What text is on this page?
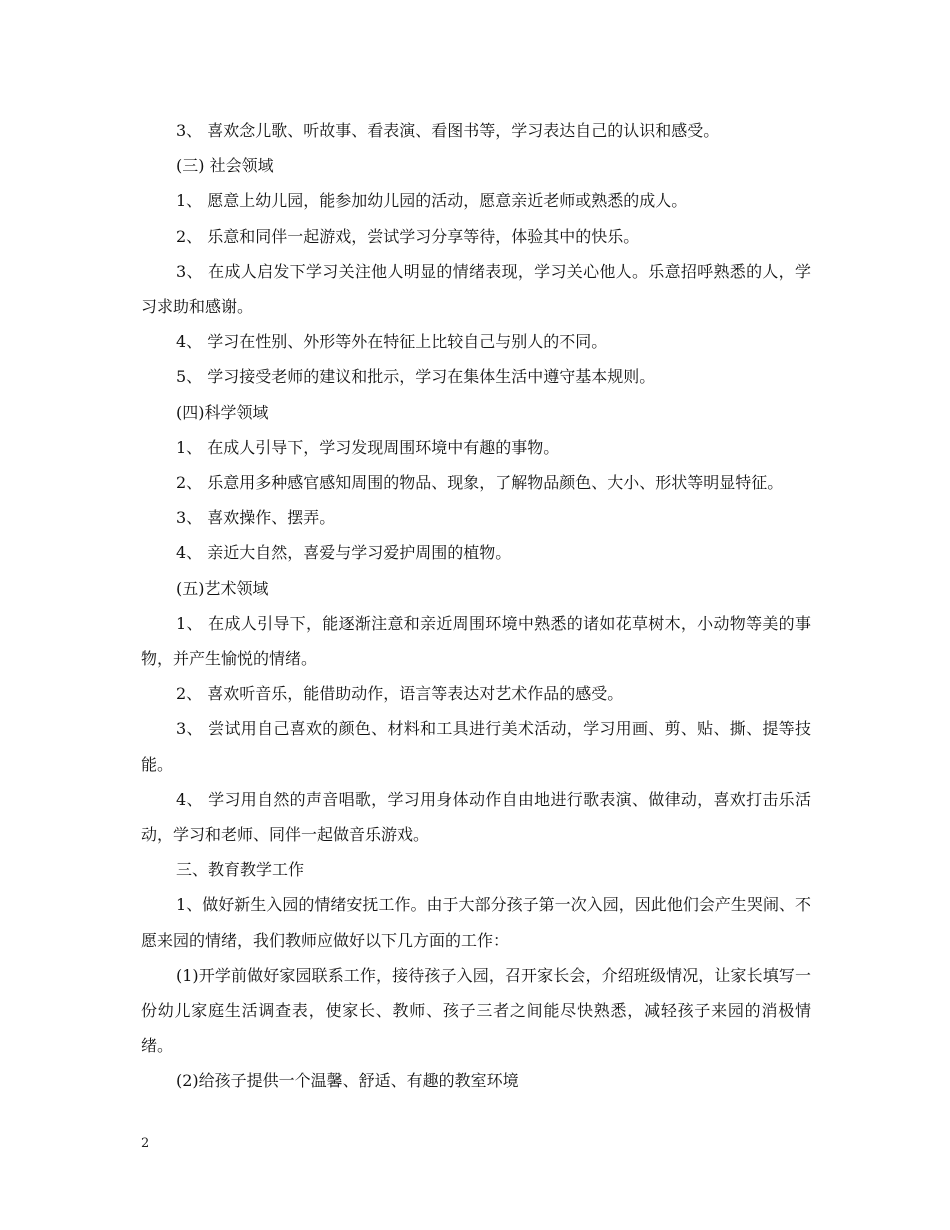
3、 喜欢念儿歌、听故事、看表演、看图书等，学习表达自己的认识和感受。

(三) 社会领域

1、 愿意上幼儿园，能参加幼儿园的活动，愿意亲近老师或熟悉的成人。

2、 乐意和同伴一起游戏，尝试学习分享等待，体验其中的快乐。

3、 在成人启发下学习关注他人明显的情绪表现，学习关心他人。乐意招呼熟悉的人，学习求助和感谢。

4、 学习在性别、外形等外在特征上比较自己与别人的不同。

5、 学习接受老师的建议和批示，学习在集体生活中遵守基本规则。

(四)科学领域

1、 在成人引导下，学习发现周围环境中有趣的事物。

2、 乐意用多种感官感知周围的物品、现象，了解物品颜色、大小、形状等明显特征。

3、 喜欢操作、摆弄。

4、 亲近大自然，喜爱与学习爱护周围的植物。

(五)艺术领域

1、 在成人引导下，能逐渐注意和亲近周围环境中熟悉的诸如花草树木，小动物等美的事物，并产生愉悦的情绪。

2、 喜欢听音乐，能借助动作，语言等表达对艺术作品的感受。

3、 尝试用自己喜欢的颜色、材料和工具进行美术活动，学习用画、剪、贴、撕、提等技能。

4、 学习用自然的声音唱歌，学习用身体动作自由地进行歌表演、做律动，喜欢打击乐活动，学习和老师、同伴一起做音乐游戏。

三、教育教学工作

1、做好新生入园的情绪安抚工作。由于大部分孩子第一次入园，因此他们会产生哭闹、不愿来园的情绪，我们教师应做好以下几方面的工作：

(1)开学前做好家园联系工作，接待孩子入园，召开家长会，介绍班级情况，让家长填写一份幼儿家庭生活调查表，使家长、教师、孩子三者之间能尽快熟悉，减轻孩子来园的消极情绪。

(2)给孩子提供一个温馨、舒适、有趣的教室环境

2
